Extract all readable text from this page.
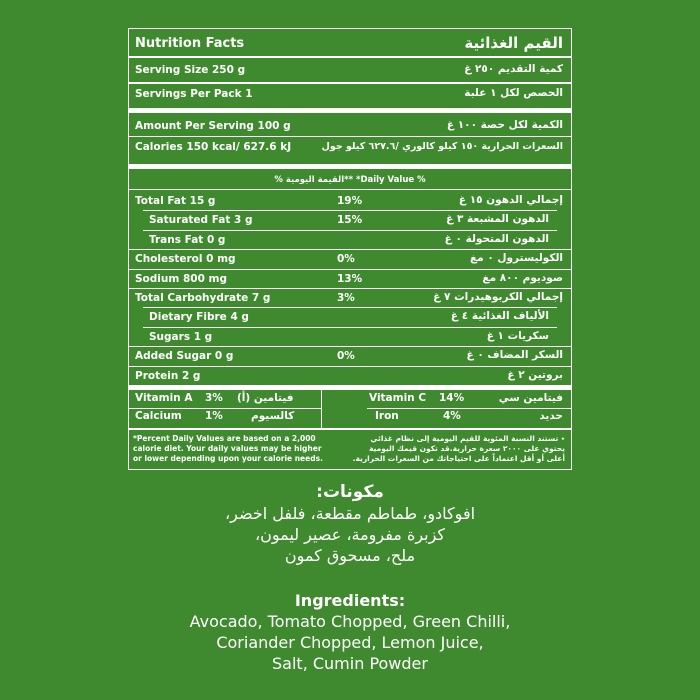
Nutrition Facts	القيم الغذائية
Serving Size 250 g	كمية التقديم ٢٥٠ غ
Servings Per Pack 1	الحصص لكل ١ علبة
Amount Per Serving 100 g	الكمية لكل حصة ١٠٠ غ
Calories 150 kcal/ 627.6 kJ	السعرات الحرارية ١٥٠ كيلو كالوري /٦٢٧.٦ كيلو جول
% Daily Value* **القيمة اليومية %
Total Fat 15 g	19%	إجمالي الدهون ١٥ غ
Saturated Fat 3 g	15%	الدهون المشبعة ٣ غ
Trans Fat 0 g	الدهون المتحولة ٠ غ
Cholesterol 0 mg	0%	الكوليسترول ٠ مغ
Sodium 800 mg	13%	صوديوم ٨٠٠ مغ
Total Carbohydrate 7 g	3%	إجمالي الكربوهيدرات ٧ غ
Dietary Fibre 4 g	الألياف الغذائية ٤ غ
Sugars 1 g	سكريات ١ غ
Added Sugar 0 g	0%	السكر المضاف ٠ غ
Protein 2 g	بروتين ٢ غ
Vitamin A 3% فيتامين (أ)	Vitamin C 14%	فيتامين سي
Calcium 1%	كالسيوم	Iron	4%	حديد
*Percent Daily Values are based on a 2,000
calorie diet. Your daily values may be higher
or lower depending upon your calorie needs.
٭ تستند النسبة المئوية للقيم اليومية إلى نظام غذائي
يحتوي على ٢٠٠٠ سعرة حرارية.قد تكون قيمك اليومية
أعلى أو أقل اعتماداً على احتياجاتك من السعرات الحرارية.
مكونات:
افوكادو، طماطم مقطعة، فلفل اخضر،
كزبرة مفرومة، عصير ليمون،
ملح، مسحوق كمون
Ingredients:
Avocado, Tomato Chopped, Green Chilli,
Coriander Chopped, Lemon Juice,
Salt, Cumin Powder
